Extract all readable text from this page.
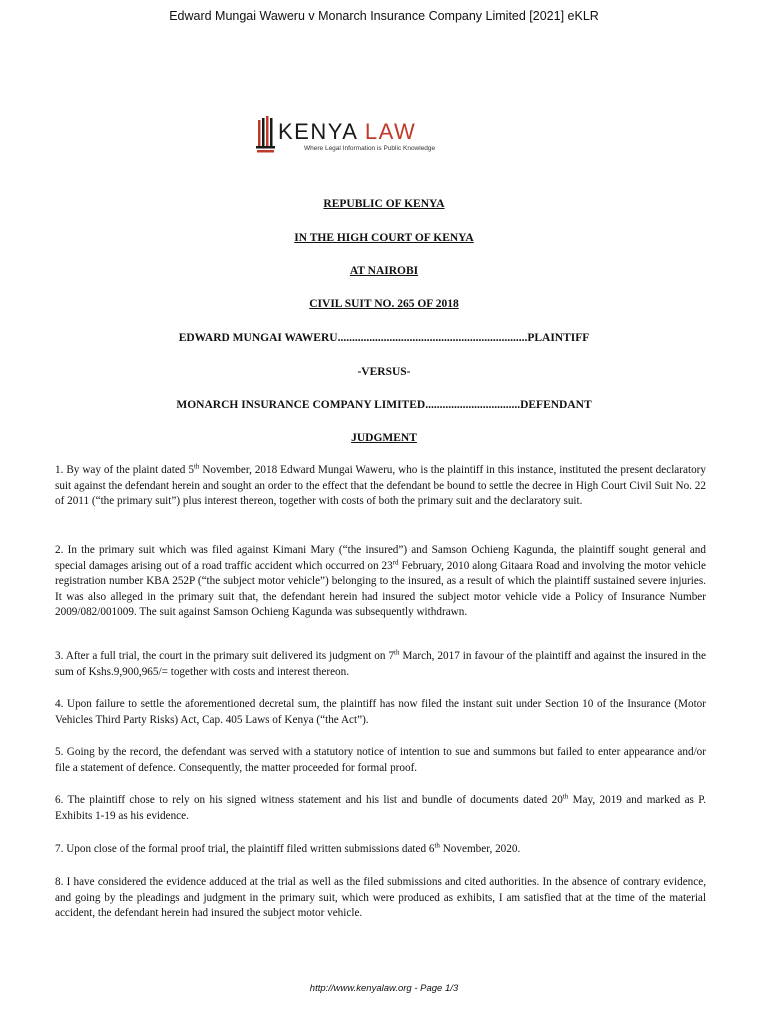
Edward Mungai Waweru v Monarch Insurance Company Limited [2021] eKLR
KENYA LAW
Where Legal Information is Public Knowledge
REPUBLIC OF KENYA
IN THE HIGH COURT OF KENYA
AT NAIROBI
CIVIL SUIT NO. 265 OF 2018
EDWARD MUNGAI WAWERU..................................................................PLAINTIFF
-VERSUS-
MONARCH INSURANCE COMPANY LIMITED.................................DEFENDANT
JUDGMENT
1. By way of the plaint dated 5th November, 2018 Edward Mungai Waweru, who is the plaintiff in this instance, instituted the present declaratory suit against the defendant herein and sought an order to the effect that the defendant be bound to settle the decree in High Court Civil Suit No. 22 of 2011 (“the primary suit”) plus interest thereon, together with costs of both the primary suit and the declaratory suit.
2. In the primary suit which was filed against Kimani Mary (“the insured”) and Samson Ochieng Kagunda, the plaintiff sought general and special damages arising out of a road traffic accident which occurred on 23rd February, 2010 along Gitaara Road and involving the motor vehicle registration number KBA 252P (“the subject motor vehicle”) belonging to the insured, as a result of which the plaintiff sustained severe injuries. It was also alleged in the primary suit that, the defendant herein had insured the subject motor vehicle vide a Policy of Insurance Number 2009/082/001009. The suit against Samson Ochieng Kagunda was subsequently withdrawn.
3. After a full trial, the court in the primary suit delivered its judgment on 7th March, 2017 in favour of the plaintiff and against the insured in the sum of Kshs.9,900,965/= together with costs and interest thereon.
4. Upon failure to settle the aforementioned decretal sum, the plaintiff has now filed the instant suit under Section 10 of the Insurance (Motor Vehicles Third Party Risks) Act, Cap. 405 Laws of Kenya (“the Act”).
5. Going by the record, the defendant was served with a statutory notice of intention to sue and summons but failed to enter appearance and/or file a statement of defence. Consequently, the matter proceeded for formal proof.
6. The plaintiff chose to rely on his signed witness statement and his list and bundle of documents dated 20th May, 2019 and marked as P. Exhibits 1-19 as his evidence.
7. Upon close of the formal proof trial, the plaintiff filed written submissions dated 6th November, 2020.
8. I have considered the evidence adduced at the trial as well as the filed submissions and cited authorities. In the absence of contrary evidence, and going by the pleadings and judgment in the primary suit, which were produced as exhibits, I am satisfied that at the time of the material accident, the defendant herein had insured the subject motor vehicle.
http://www.kenyalaw.org - Page 1/3
